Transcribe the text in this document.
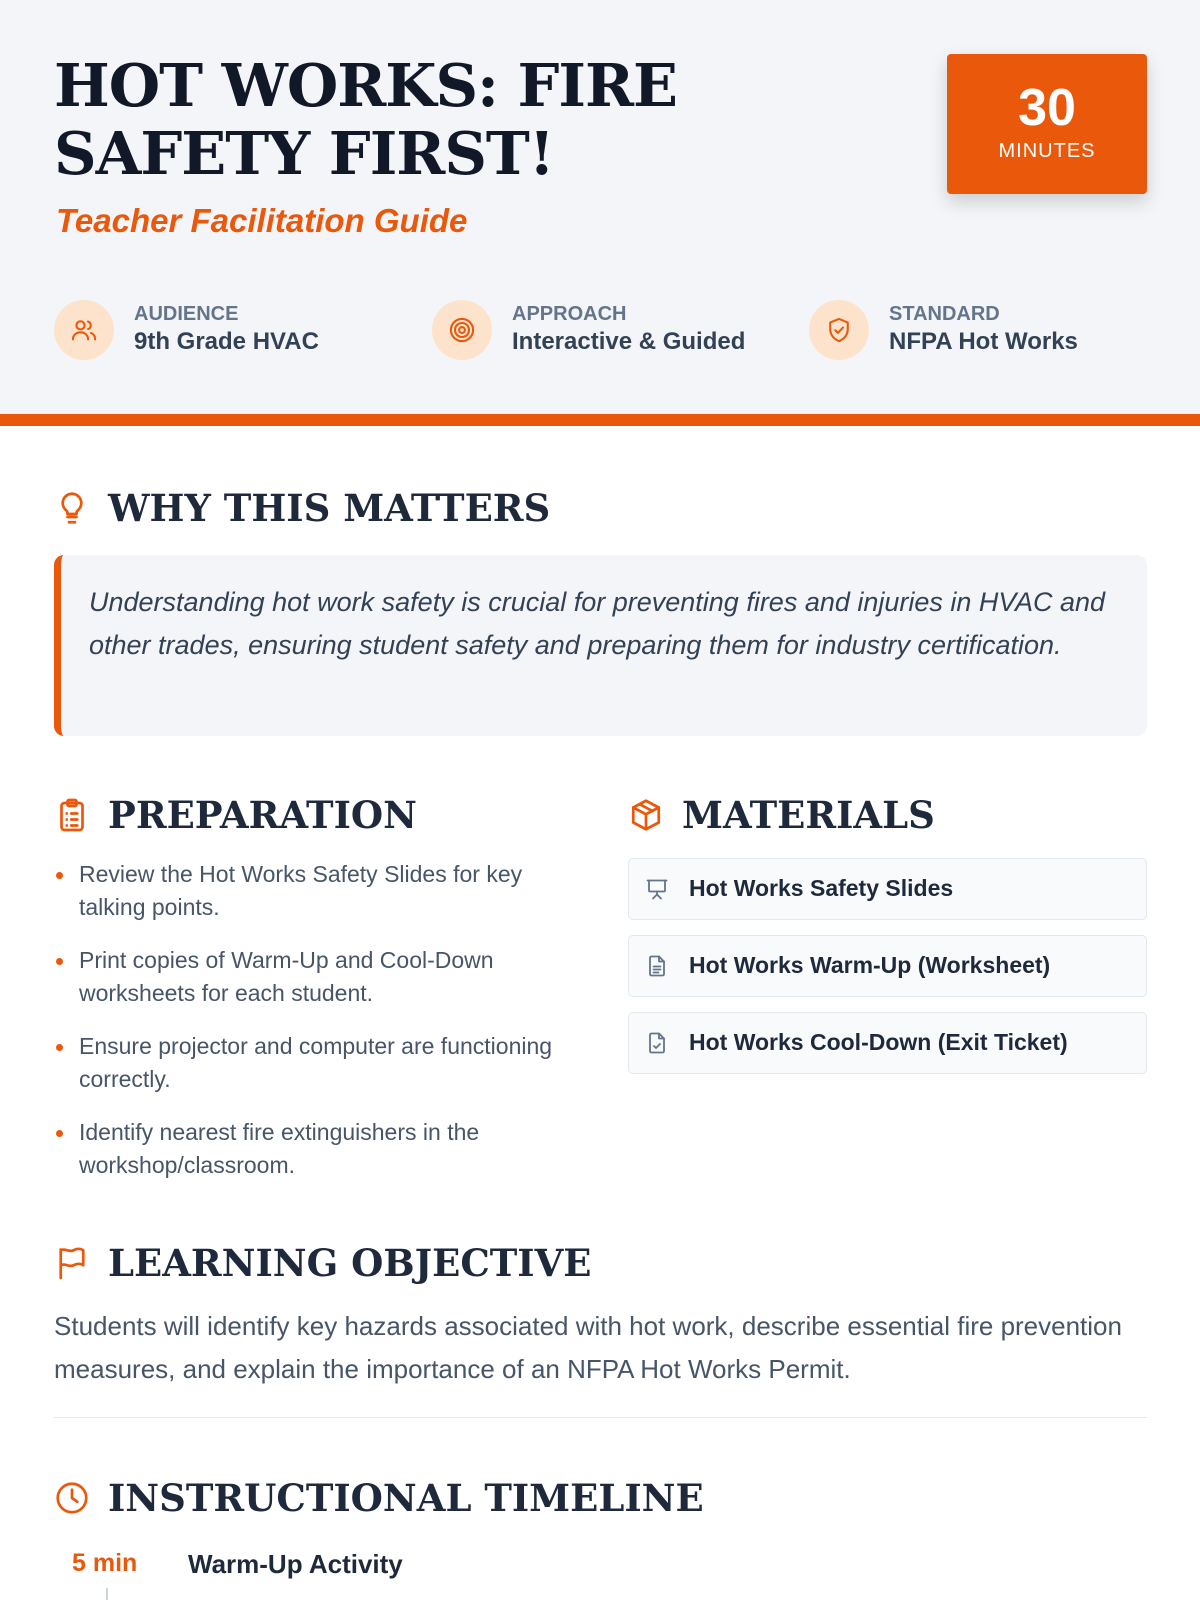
HOT WORKS: FIRE SAFETY FIRST!
Teacher Facilitation Guide
30
MINUTES
AUDIENCE
9th Grade HVAC
APPROACH
Interactive & Guided
STANDARD
NFPA Hot Works
WHY THIS MATTERS
Understanding hot work safety is crucial for preventing fires and injuries in HVAC and other trades, ensuring student safety and preparing them for industry certification.
PREPARATION
Review the Hot Works Safety Slides for key talking points.
Print copies of Warm-Up and Cool-Down worksheets for each student.
Ensure projector and computer are functioning correctly.
Identify nearest fire extinguishers in the workshop/classroom.
MATERIALS
Hot Works Safety Slides
Hot Works Warm-Up (Worksheet)
Hot Works Cool-Down (Exit Ticket)
LEARNING OBJECTIVE

Students will identify key hazards associated with hot work, describe essential fire prevention measures, and explain the importance of an NFPA Hot Works Permit.

INSTRUCTIONAL TIMELINE
5 min Warm-Up Activity
